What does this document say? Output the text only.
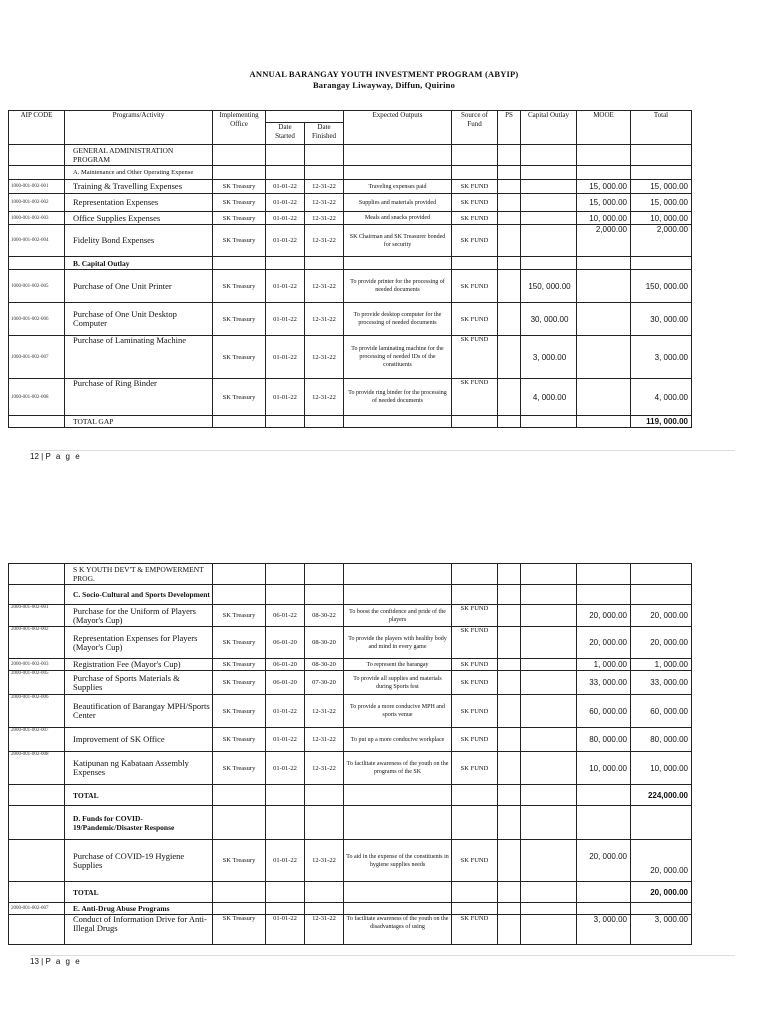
ANNUAL BARANGAY YOUTH INVESTMENT PROGRAM (ABYIP)
Barangay Liwayway, Diffun, Quirino
AIP CODE	Programs/Activity	Implementing Office			Expected Outputs	Source of Fund	PS	Capital Outlay	MOOE	Total
			Date Started	Date Finished						
	GENERAL ADMINISTRATION PROGRAM									
	A. Maintenance and Other Operating Expense									
1000-001-002-001	Training & Travelling Expenses	SK Treasury	01-01-22	12-31-22	Traveling expenses paid	SK FUND			15, 000.00	15, 000.00
1000-001-002-002	Representation Expenses	SK Treasury	01-01-22	12-31-22	Supplies and materials provided	SK FUND			15, 000.00	15, 000.00
1000-001-002-003	Office Supplies Expenses	SK Treasury	01-01-22	12-31-22	Meals and snacks provided	SK FUND			10, 000.00	10, 000.00
1000-001-002-004	Fidelity Bond Expenses	SK Treasury	01-01-22	12-31-22	SK Chairman and SK Treasurer bonded for security	SK FUND			2,000.00	2,000.00
	B. Capital Outlay									
1000-001-002-005	Purchase of One Unit Printer	SK Treasury	01-01-22	12-31-22	To provide printer for the processing of needed documents	SK FUND		150, 000.00		150, 000.00
1000-001-002-006	Purchase of One Unit Desktop Computer	SK Treasury	01-01-22	12-31-22	To provide desktop computer for the processing of needed documents	SK FUND		30, 000.00		30, 000.00
1000-001-002-007	Purchase of Laminating Machine	SK Treasury	01-01-22	12-31-22	To provide laminating machine for the processing of needed IDs of the constituents	SK FUND		3, 000.00		3, 000.00
1000-001-002-008	Purchase of Ring Binder	SK Treasury	01-01-22	12-31-22	To provide ring binder for the processing of needed documents	SK FUND		4, 000.00		4, 000.00
	TOTAL GAP									119, 000.00
12 | P a g e
	S K YOUTH DEV'T & EMPOWERMENT PROG.									
	C. Socio-Cultural and Sports Development									
2000-001-002-001	Purchase for the Uniform of Players (Mayor's Cup)	SK Treasury	06-01-22	08-30-22	To boost the confidence and pride of the players	SK FUND			20, 000.00	20, 000.00
2000-001-002-002	Representation Expenses for Players (Mayor's Cup)	SK Treasury	06-01-20	08-30-20	To provide the players with healthy body and mind in every game	SK FUND			20, 000.00	20, 000.00
2000-001-002-003	Registration Fee (Mayor's Cup)	SK Treasury	06-01-20	08-30-20	To represent the barangay	SK FUND			1, 000.00	1, 000.00
2000-001-002-005	Purchase of Sports Materials & Supplies	SK Treasury	06-01-20	07-30-20	To provide all supplies and materials during Sports fest	SK FUND			33, 000.00	33, 000.00
2000-001-002-006	Beautification of Barangay MPH/Sports Center	SK Treasury	01-01-22	12-31-22	To provide a more conducive MPH and sports venue	SK FUND			60, 000.00	60, 000.00
2000-001-002-007	Improvement of SK Office	SK Treasury	01-01-22	12-31-22	To put up a more conducive workplace	SK FUND			80, 000.00	80, 000.00
2000-001-002-008	Katipunan ng Kabataan Assembly Expenses	SK Treasury	01-01-22	12-31-22	To facilitate awareness of the youth on the programs of the SK	SK FUND			10, 000.00	10, 000.00
	TOTAL									224,000.00
	D. Funds for COVID-19/Pandemic/Disaster Response									
	Purchase of COVID-19 Hygiene Supplies	SK Treasury	01-01-22	12-31-22	To aid in the expense of the constituents in hygiene supplies needs	SK FUND			20, 000.00	20, 000.00
	TOTAL									20, 000.00
2000-001-002-007	E. Anti-Drug Abuse Programs									
	Conduct of Information Drive for Anti-Illegal Drugs	SK Treasury	01-01-22	12-31-22	To facilitate awareness of the youth on the disadvantages of using	SK FUND			3, 000.00	3, 000.00
13 | P a g e
